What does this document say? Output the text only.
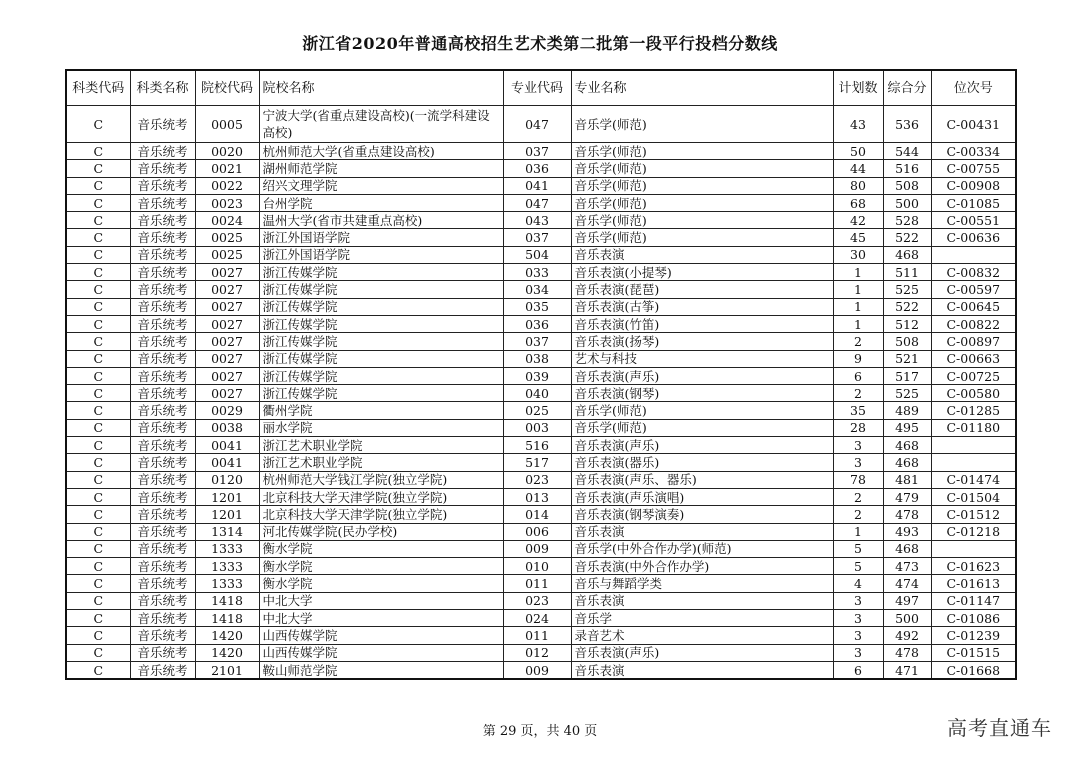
浙江省2020年普通高校招生艺术类第二批第一段平行投档分数线
科类代码	科类名称	院校代码	院校名称	专业代码	专业名称	计划数	综合分	位次号
C	音乐统考	0005	宁波大学(省重点建设高校)(一流学科建设高校)	047	音乐学(师范)	43	536	C-00431
C	音乐统考	0020	杭州师范大学(省重点建设高校)	037	音乐学(师范)	50	544	C-00334
C	音乐统考	0021	湖州师范学院	036	音乐学(师范)	44	516	C-00755
C	音乐统考	0022	绍兴文理学院	041	音乐学(师范)	80	508	C-00908
C	音乐统考	0023	台州学院	047	音乐学(师范)	68	500	C-01085
C	音乐统考	0024	温州大学(省市共建重点高校)	043	音乐学(师范)	42	528	C-00551
C	音乐统考	0025	浙江外国语学院	037	音乐学(师范)	45	522	C-00636
C	音乐统考	0025	浙江外国语学院	504	音乐表演	30	468	
C	音乐统考	0027	浙江传媒学院	033	音乐表演(小提琴)	1	511	C-00832
C	音乐统考	0027	浙江传媒学院	034	音乐表演(琵琶)	1	525	C-00597
C	音乐统考	0027	浙江传媒学院	035	音乐表演(古筝)	1	522	C-00645
C	音乐统考	0027	浙江传媒学院	036	音乐表演(竹笛)	1	512	C-00822
C	音乐统考	0027	浙江传媒学院	037	音乐表演(扬琴)	2	508	C-00897
C	音乐统考	0027	浙江传媒学院	038	艺术与科技	9	521	C-00663
C	音乐统考	0027	浙江传媒学院	039	音乐表演(声乐)	6	517	C-00725
C	音乐统考	0027	浙江传媒学院	040	音乐表演(钢琴)	2	525	C-00580
C	音乐统考	0029	衢州学院	025	音乐学(师范)	35	489	C-01285
C	音乐统考	0038	丽水学院	003	音乐学(师范)	28	495	C-01180
C	音乐统考	0041	浙江艺术职业学院	516	音乐表演(声乐)	3	468	
C	音乐统考	0041	浙江艺术职业学院	517	音乐表演(器乐)	3	468	
C	音乐统考	0120	杭州师范大学钱江学院(独立学院)	023	音乐表演(声乐、器乐)	78	481	C-01474
C	音乐统考	1201	北京科技大学天津学院(独立学院)	013	音乐表演(声乐演唱)	2	479	C-01504
C	音乐统考	1201	北京科技大学天津学院(独立学院)	014	音乐表演(钢琴演奏)	2	478	C-01512
C	音乐统考	1314	河北传媒学院(民办学校)	006	音乐表演	1	493	C-01218
C	音乐统考	1333	衡水学院	009	音乐学(中外合作办学)(师范)	5	468	
C	音乐统考	1333	衡水学院	010	音乐表演(中外合作办学)	5	473	C-01623
C	音乐统考	1333	衡水学院	011	音乐与舞蹈学类	4	474	C-01613
C	音乐统考	1418	中北大学	023	音乐表演	3	497	C-01147
C	音乐统考	1418	中北大学	024	音乐学	3	500	C-01086
C	音乐统考	1420	山西传媒学院	011	录音艺术	3	492	C-01239
C	音乐统考	1420	山西传媒学院	012	音乐表演(声乐)	3	478	C-01515
C	音乐统考	2101	鞍山师范学院	009	音乐表演	6	471	C-01668
第 29 页，共 40 页	高考直通车
